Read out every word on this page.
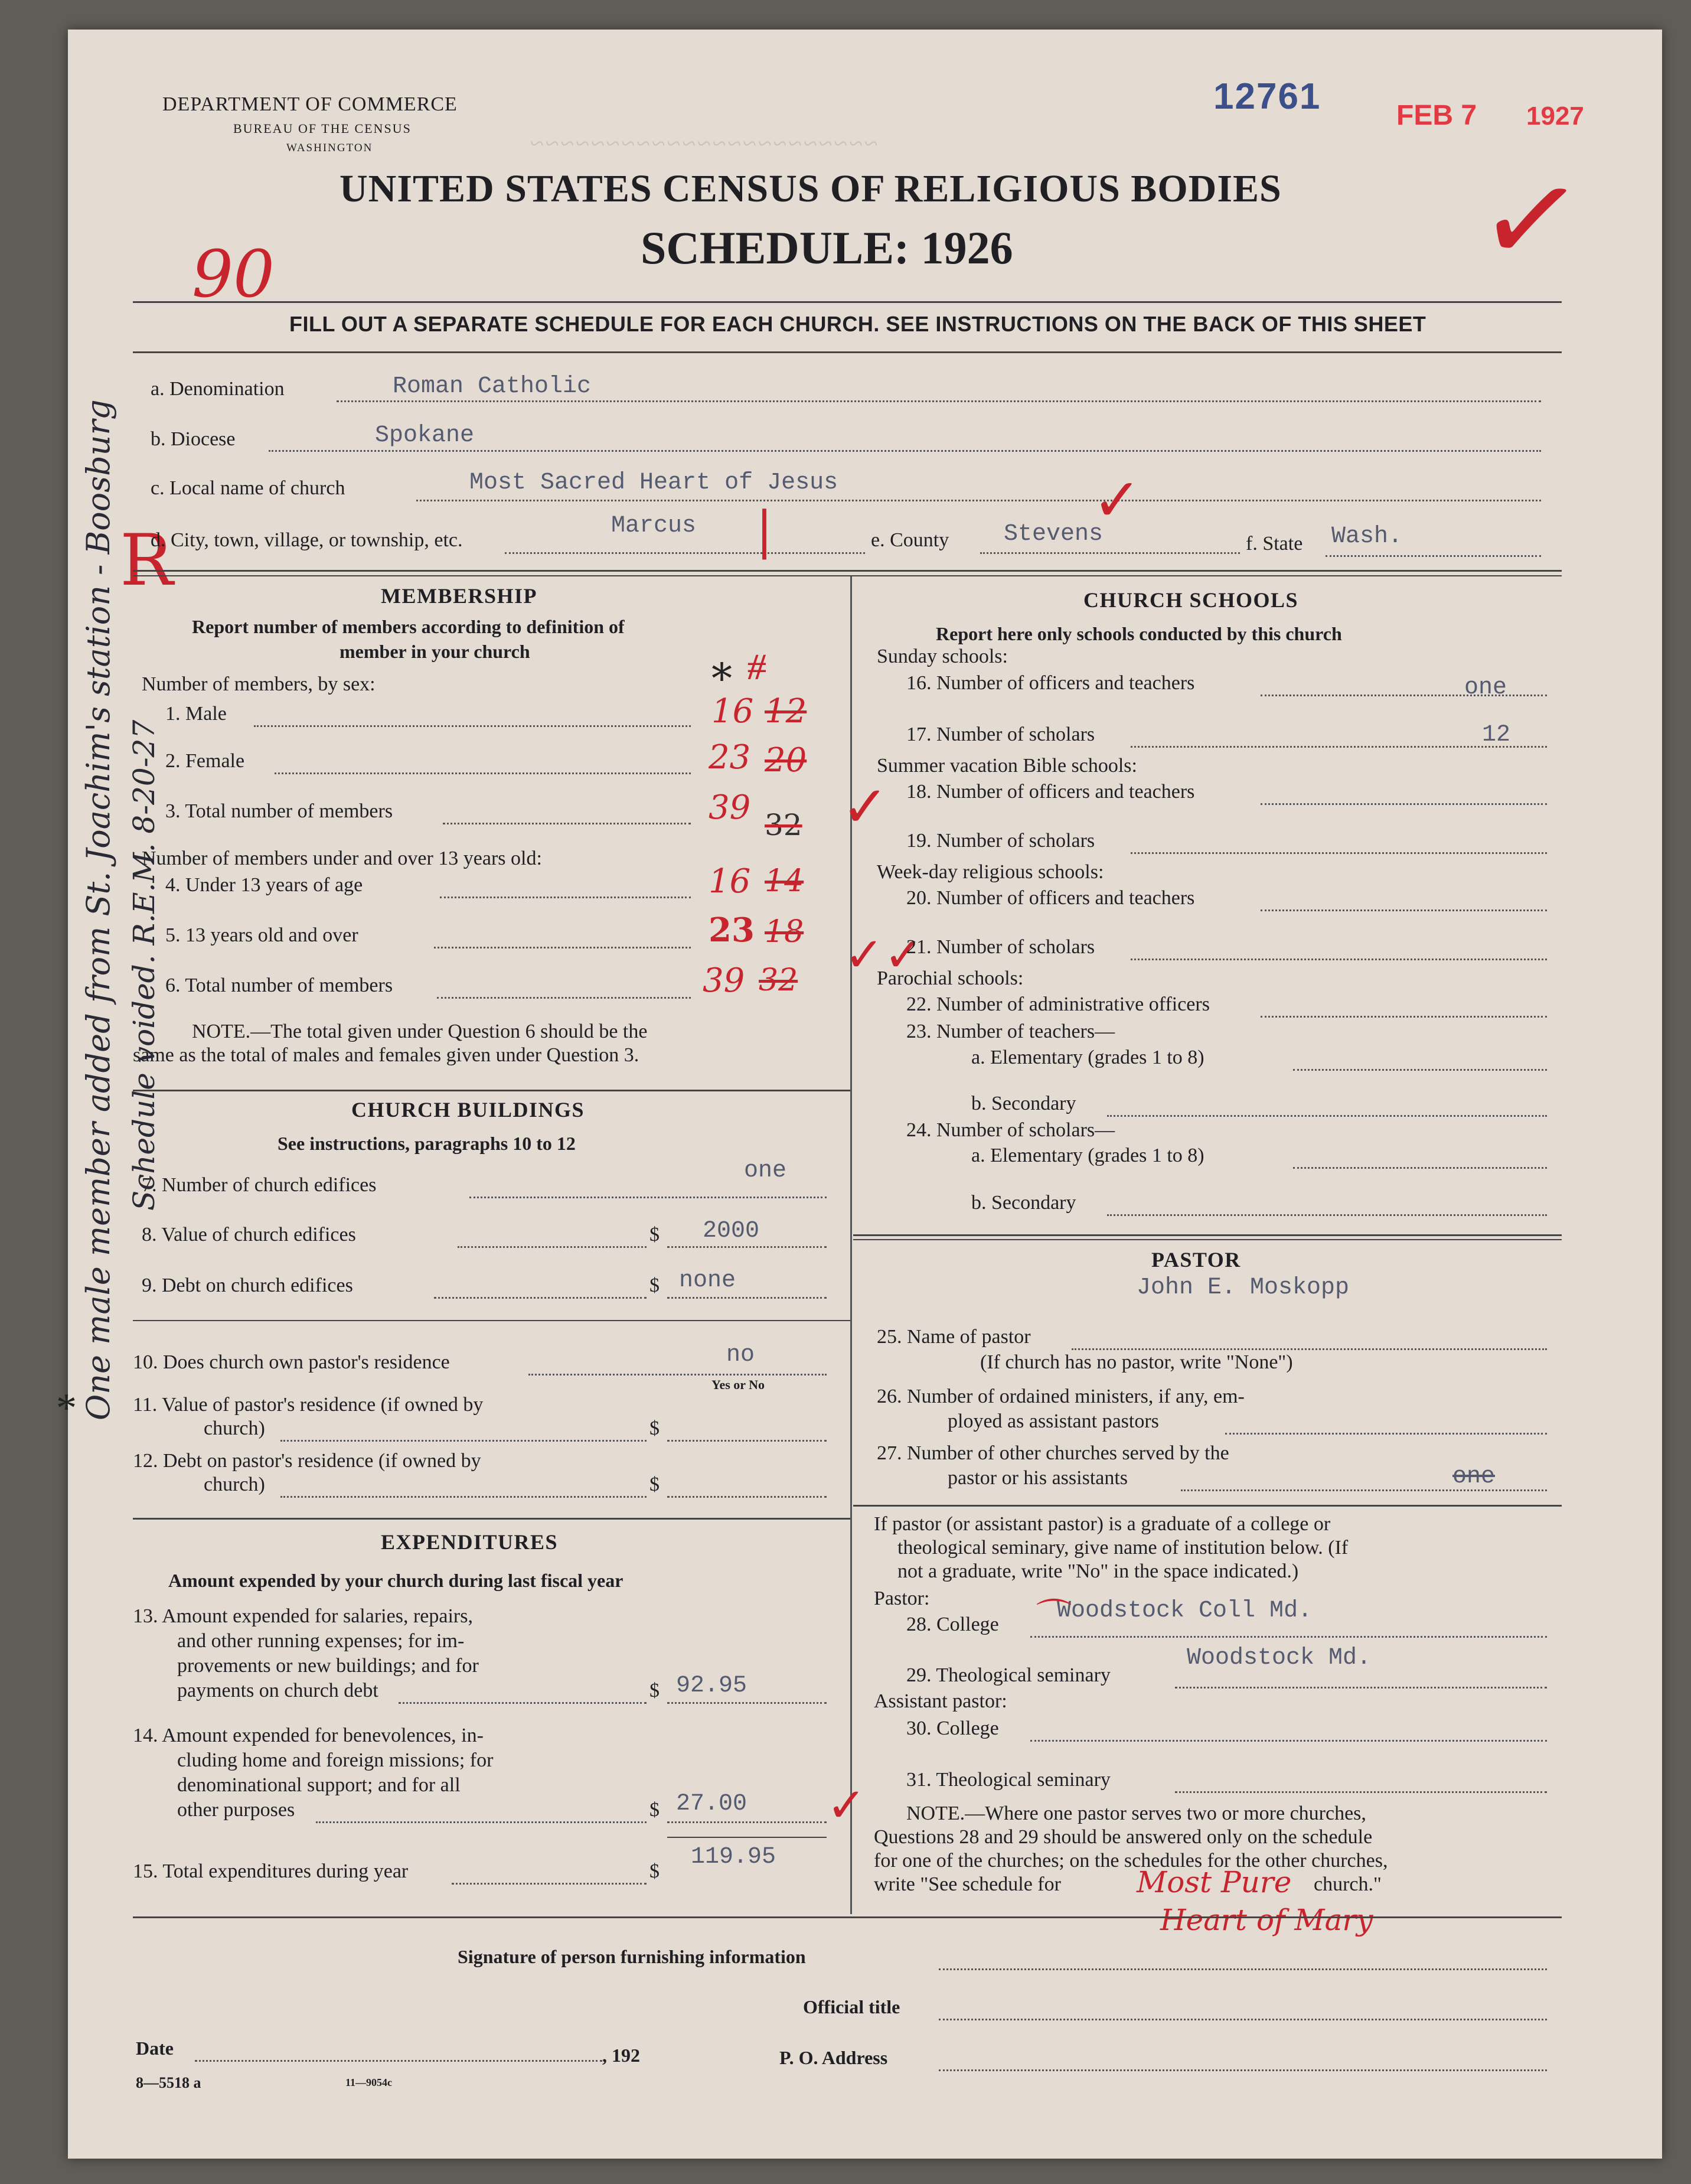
~~~~~~~~~~~~~~~~~~~~~~~
DEPARTMENT OF COMMERCE
BUREAU OF THE CENSUS
WASHINGTON
12761	FEB 7 1927
UNITED STATES CENSUS OF RELIGIOUS BODIES
SCHEDULE: 1926
90	✓
FILL OUT A SEPARATE SCHEDULE FOR EACH CHURCH. SEE INSTRUCTIONS ON THE BACK OF THIS SHEET
a. Denomination	Roman Catholic
b. Diocese	Spokane
c. Local name of church	Most Sacred Heart of Jesus
R
d. City, town, village, or township, etc.
Marcus |	e. County Stevens
✓
f. State Wash.
MEMBERSHIP
Report number of members according to definition of
member in your church
Number of members, by sex:	* ⧣
1. Male	16 12
2. Female	23 20
3. Total number of members	39 32 ✓
Number of members under and over 13 years old:
4. Under 13 years of age	16 14
5. 13 years old and over	23 18
6. Total number of members	39 32 ✓✓
NOTE.—The total given under Question 6 should be the
same as the total of males and females given under Question 3.
CHURCH BUILDINGS
See instructions, paragraphs 10 to 12
7. Number of church edifices
one
8. Value of church edifices	$ 2000
9. Debt on church edifices	$ none
10. Does church own pastor's residence	no
Yes or No
11. Value of pastor's residence (if owned by
church)	$
12. Debt on pastor's residence (if owned by
church)	$
EXPENDITURES
Amount expended by your church during last fiscal year
13. Amount expended for salaries, repairs,
and other running expenses; for im-
provements or new buildings; and for
payments on church debt	$ 92.95
14. Amount expended for benevolences, in-
cluding home and foreign missions; for
denominational support; and for all
other purposes	$ 27.00 ✓
15. Total expenditures during year	$
119.95
CHURCH SCHOOLS
Report here only schools conducted by this church
Sunday schools:
16. Number of officers and teachers	one
17. Number of scholars	12
Summer vacation Bible schools:
18. Number of officers and teachers
19. Number of scholars
Week-day religious schools:
20. Number of officers and teachers
21. Number of scholars
Parochial schools:
22. Number of administrative officers
23. Number of teachers—
a. Elementary (grades 1 to 8)
b. Secondary
24. Number of scholars—
a. Elementary (grades 1 to 8)
b. Secondary
PASTOR
25. Name of pastor
John E. Moskopp
(If church has no pastor, write "None")
26. Number of ordained ministers, if any, em-
ployed as assistant pastors
27. Number of other churches served by the
pastor or his assistants	one
If pastor (or assistant pastor) is a graduate of a college or
theological seminary, give name of institution below. (If
not a graduate, write "No" in the space indicated.)
Pastor:
28. College
Woodstock Coll Md.
⌒
29. Theological seminary
Woodstock Md.
Assistant pastor:
30. College
31. Theological seminary
NOTE.—Where one pastor serves two or more churches,
Questions 28 and 29 should be answered only on the schedule
for one of the churches; on the schedules for the other churches,
write "See schedule for	Most Pure church."
Heart of Mary
Signature of person furnishing information
Official title
Date	, 192	P. O. Address
8—5518 a	11—9054c
One male member added from St. Joachim's station - Boosburg Schedule voided. R.E.M. 8-20-27
*
